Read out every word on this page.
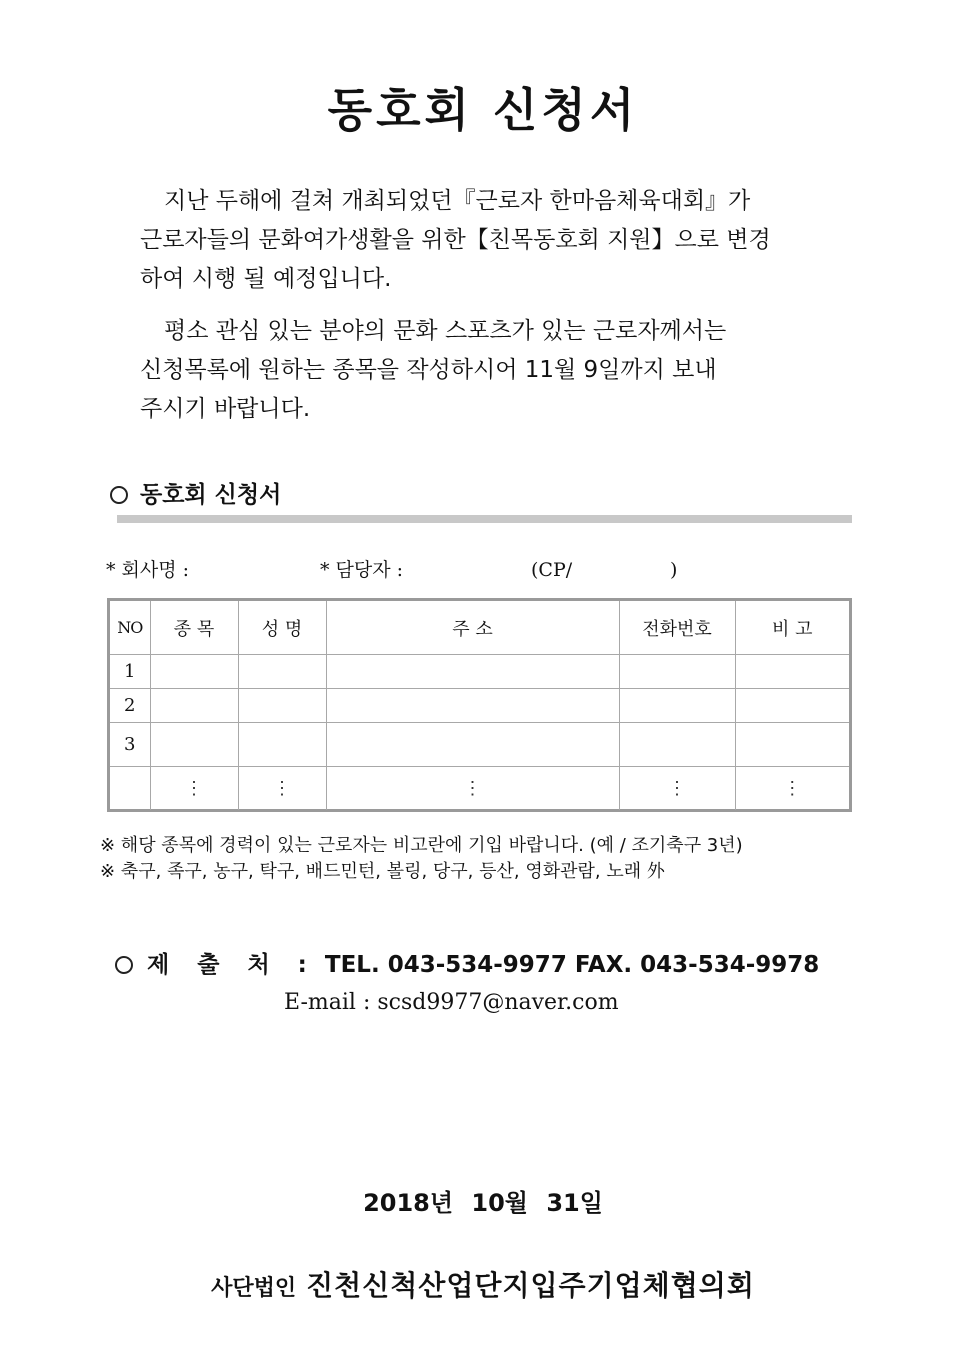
동호회 신청서
지난 두해에 걸쳐 개최되었던『근로자 한마음체육대회』가
근로자들의 문화여가생활을 위한【친목동호회 지원】으로 변경
하여 시행 될 예정입니다.
평소 관심 있는 분야의 문화 스포츠가 있는 근로자께서는
신청목록에 원하는 종목을 작성하시어 11월 9일까지 보내
주시기 바랍니다.
동호회 신청서
* 회사명 :	* 담당자 :	(CP/	)
NO	종 목	성 명	주 소	전화번호	비 고
1					
2					
3					
	⋮	⋮	⋮	⋮	⋮
※ 해당 종목에 경력이 있는 근로자는 비고란에 기입 바랍니다. (예 / 조기축구 3년)
※ 축구, 족구, 농구, 탁구, 배드민턴, 볼링, 당구, 등산, 영화관람, 노래 外
제 출 처 : TEL. 043-534-9977 FAX. 043-534-9978
E-mail : scsd9977@naver.com
2018년 10월 31일
사단법인 진천신척산업단지입주기업체협의회
